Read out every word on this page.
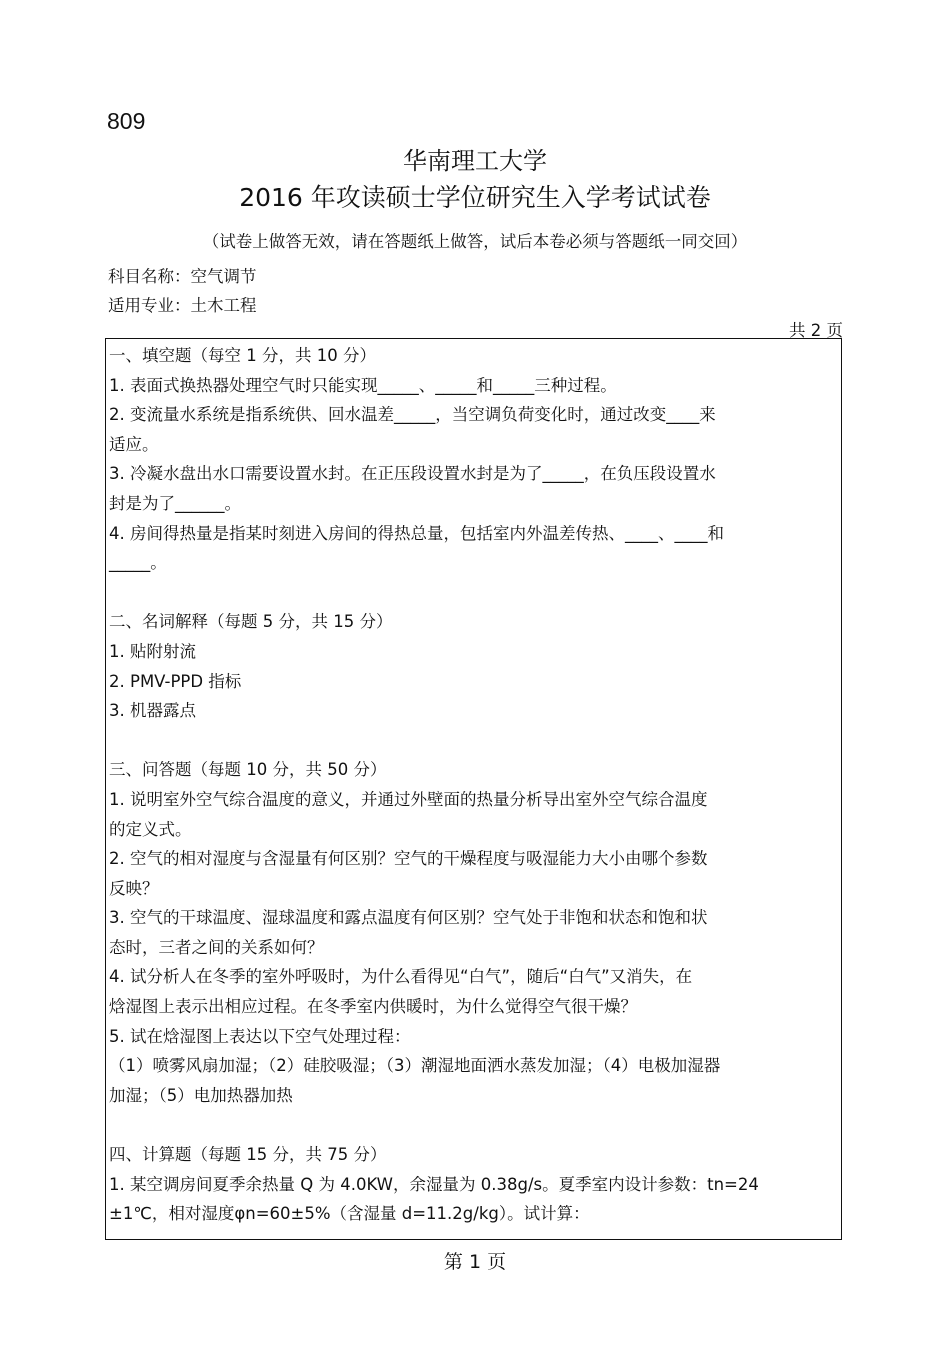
809
华南理工大学
2016 年攻读硕士学位研究生入学考试试卷
（试卷上做答无效，请在答题纸上做答，试后本卷必须与答题纸一同交回）
科目名称：空气调节
适用专业：土木工程
共 2 页

一、填空题（每空 1 分，共 10 分）

1. 表面式换热器处理空气时只能实现_____、_____和_____三种过程。

2. 变流量水系统是指系统供、回水温差_____，当空调负荷变化时，通过改变____来

适应。

3. 冷凝水盘出水口需要设置水封。在正压段设置水封是为了_____，在负压段设置水

封是为了______。

4. 房间得热量是指某时刻进入房间的得热总量，包括室内外温差传热、____、____和

_____。

二、名词解释（每题 5 分，共 15 分）

1. 贴附射流

2. PMV-PPD 指标

3. 机器露点

三、问答题（每题 10 分，共 50 分）

1. 说明室外空气综合温度的意义，并通过外壁面的热量分析导出室外空气综合温度

的定义式。

2. 空气的相对湿度与含湿量有何区别？空气的干燥程度与吸湿能力大小由哪个参数

反映？

3. 空气的干球温度、湿球温度和露点温度有何区别？空气处于非饱和状态和饱和状

态时，三者之间的关系如何？

4. 试分析人在冬季的室外呼吸时，为什么看得见“白气”，随后“白气”又消失，在

焓湿图上表示出相应过程。在冬季室内供暖时，为什么觉得空气很干燥？

5. 试在焓湿图上表达以下空气处理过程：

（1）喷雾风扇加湿；（2）硅胶吸湿；（3）潮湿地面洒水蒸发加湿；（4）电极加湿器

加湿；（5）电加热器加热

四、计算题（每题 15 分，共 75 分）

1. 某空调房间夏季余热量 Q 为 4.0KW，余湿量为 0.38g/s。夏季室内设计参数：tn=24

±1℃，相对湿度φn=60±5%（含湿量 d=11.2g/kg）。试计算：

第 1 页
